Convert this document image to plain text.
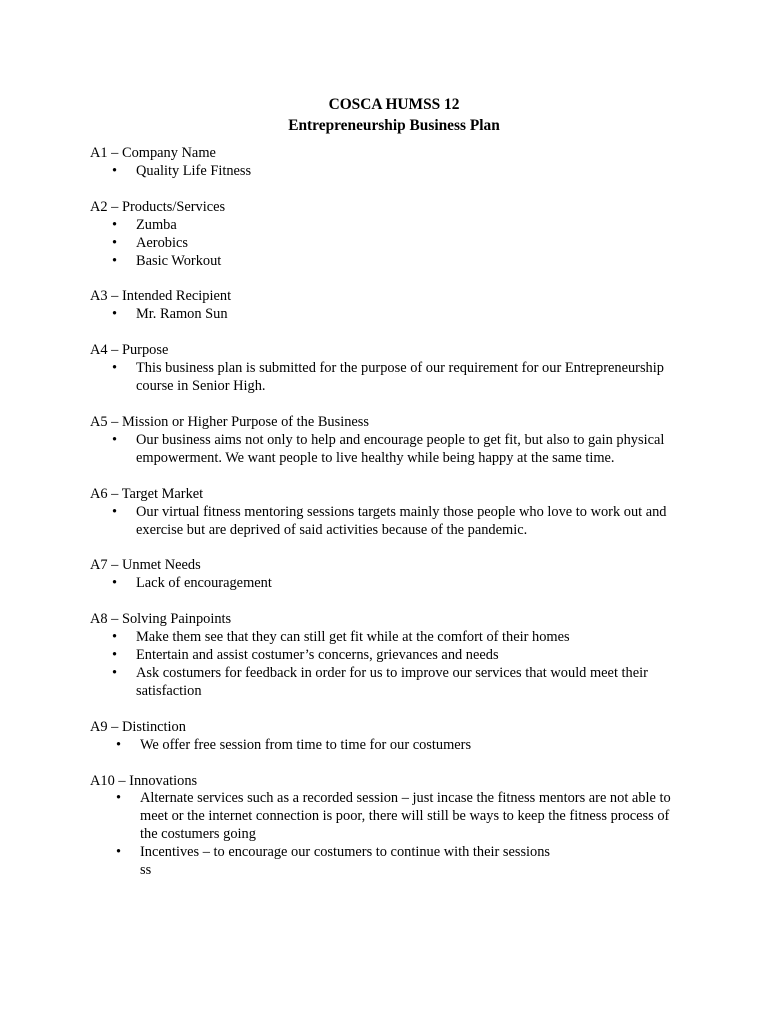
COSCA HUMSS 12
Entrepreneurship Business Plan
A1 – Company Name
• Quality Life Fitness
A2 – Products/Services
• Zumba
• Aerobics
• Basic Workout
A3 – Intended Recipient
• Mr. Ramon Sun
A4 – Purpose
• This business plan is submitted for the purpose of our requirement for our Entrepreneurship course in Senior High.
A5 – Mission or Higher Purpose of the Business
• Our business aims not only to help and encourage people to get fit, but also to gain physical empowerment. We want people to live healthy while being happy at the same time.
A6 – Target Market
• Our virtual fitness mentoring sessions targets mainly those people who love to work out and exercise but are deprived of said activities because of the pandemic.
A7 – Unmet Needs
• Lack of encouragement
A8 – Solving Painpoints
• Make them see that they can still get fit while at the comfort of their homes
• Entertain and assist costumer’s concerns, grievances and needs
• Ask costumers for feedback in order for us to improve our services that would meet their satisfaction
A9 – Distinction
• We offer free session from time to time for our costumers
A10 – Innovations
• Alternate services such as a recorded session – just incase the fitness mentors are not able to meet or the internet connection is poor, there will still be ways to keep the fitness process of the costumers going
• Incentives – to encourage our costumers to continue with their sessions
ss
